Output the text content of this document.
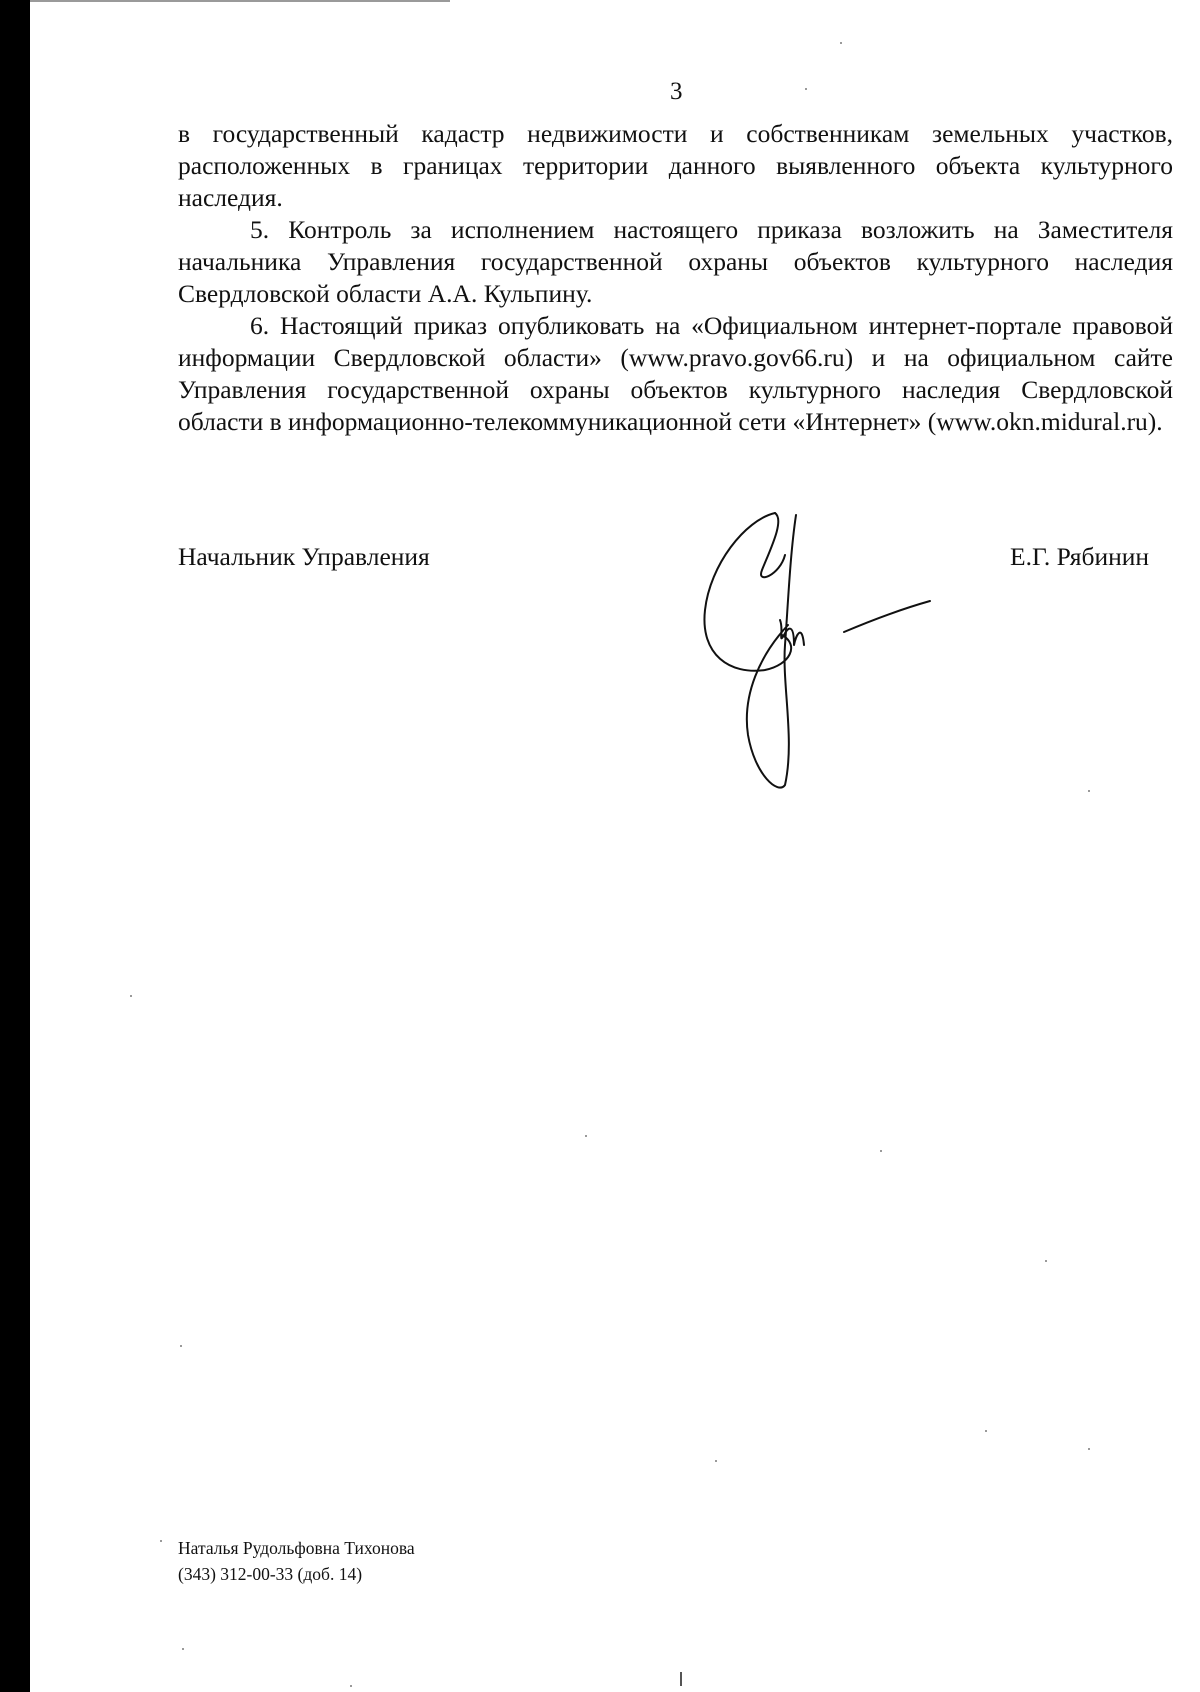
3

в государственный кадастр недвижимости и собственникам земельных участков, расположенных в границах территории данного выявленного объекта культурного наследия.

5. Контроль за исполнением настоящего приказа возложить на Заместителя начальника Управления государственной охраны объектов культурного наследия Свердловской области А.А. Кульпину.

6. Настоящий приказ опубликовать на «Официальном интернет-портале правовой информации Свердловской области» (www.pravo.gov66.ru) и на официальном сайте Управления государственной охраны объектов культурного наследия Свердловской области в информационно-телекоммуникационной сети «Интернет» (www.okn.midural.ru).

Начальник Управления	Е.Г. Рябинин
Наталья Рудольфовна Тихонова
(343) 312-00-33 (доб. 14)
